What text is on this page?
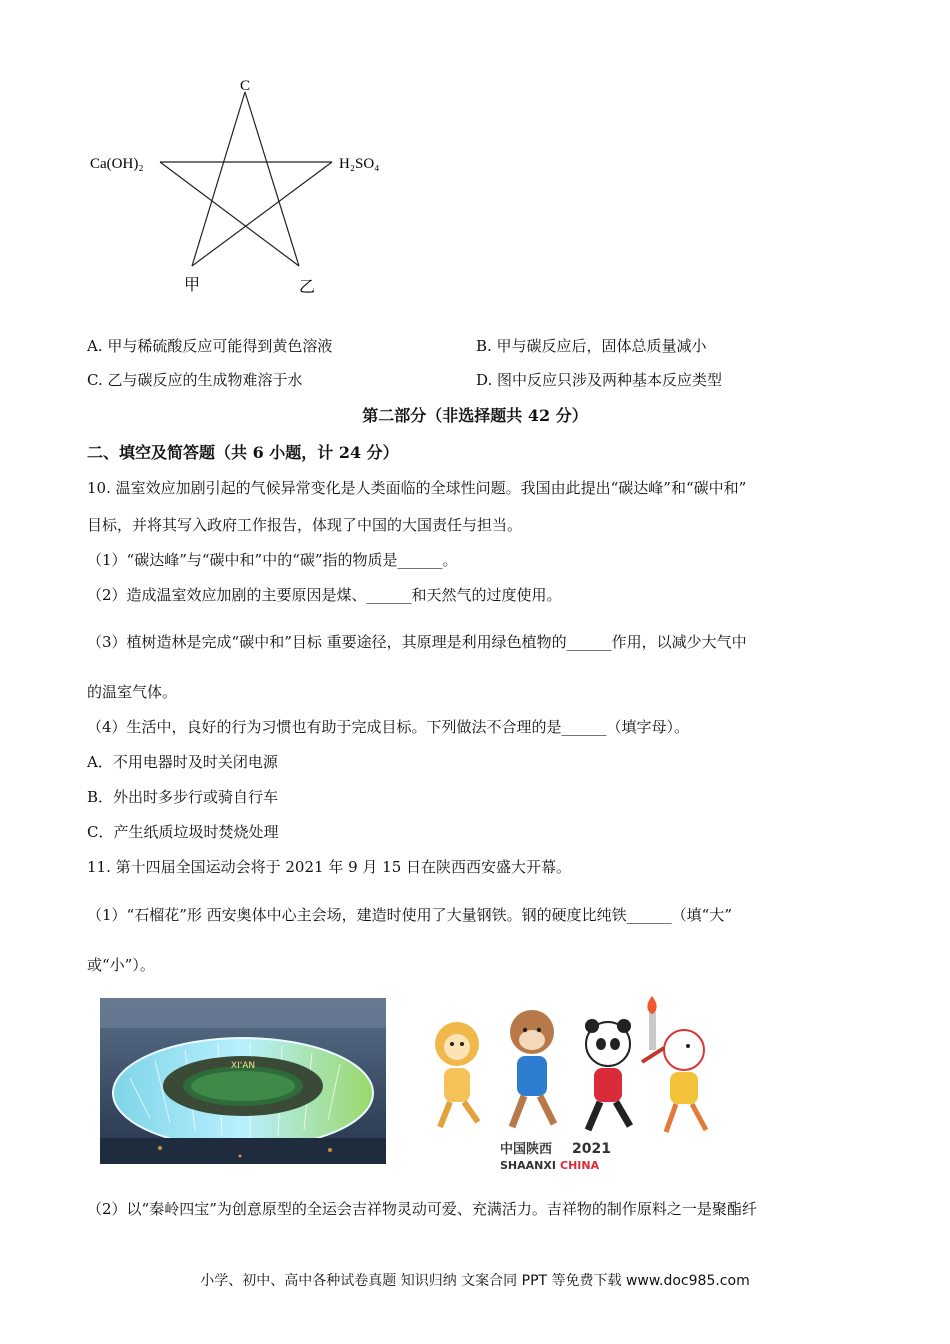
C
Ca(OH)₂	H₂SO₄
甲	乙
A. 甲与稀硫酸反应可能得到黄色溶液	B. 甲与碳反应后，固体总质量减小
C. 乙与碳反应的生成物难溶于水	D. 图中反应只涉及两种基本反应类型
第二部分（非选择题共 42 分）
二、填空及简答题（共 6 小题，计 24 分）
10. 温室效应加剧引起的气候异常变化是人类面临的全球性问题。我国由此提出“碳达峰”和“碳中和”
目标，并将其写入政府工作报告，体现了中国的大国责任与担当。
（1）“碳达峰”与“碳中和”中的“碳”指的物质是______。
（2）造成温室效应加剧的主要原因是煤、______和天然气的过度使用。
（3）植树造林是完成“碳中和”目标 重要途径，其原理是利用绿色植物的______作用，以减少大气中
的温室气体。
（4）生活中，良好的行为习惯也有助于完成目标。下列做法不合理的是______（填字母）。
A．不用电器时及时关闭电源
B．外出时多步行或骑自行车
C．产生纸质垃圾时焚烧处理
11. 第十四届全国运动会将于 2021 年 9 月 15 日在陕西西安盛大开幕。
（1）“石榴花”形 西安奥体中心主会场，建造时使用了大量钢铁。钢的硬度比纯铁______（填“大”
或“小”）。
XI'AN
中国陕西 2021
SHAANXI CHINA
（2）以“秦岭四宝”为创意原型的全运会吉祥物灵动可爱、充满活力。吉祥物的制作原料之一是聚酯纤
小学、初中、高中各种试卷真题 知识归纳 文案合同 PPT 等免费下载 www.doc985.com
